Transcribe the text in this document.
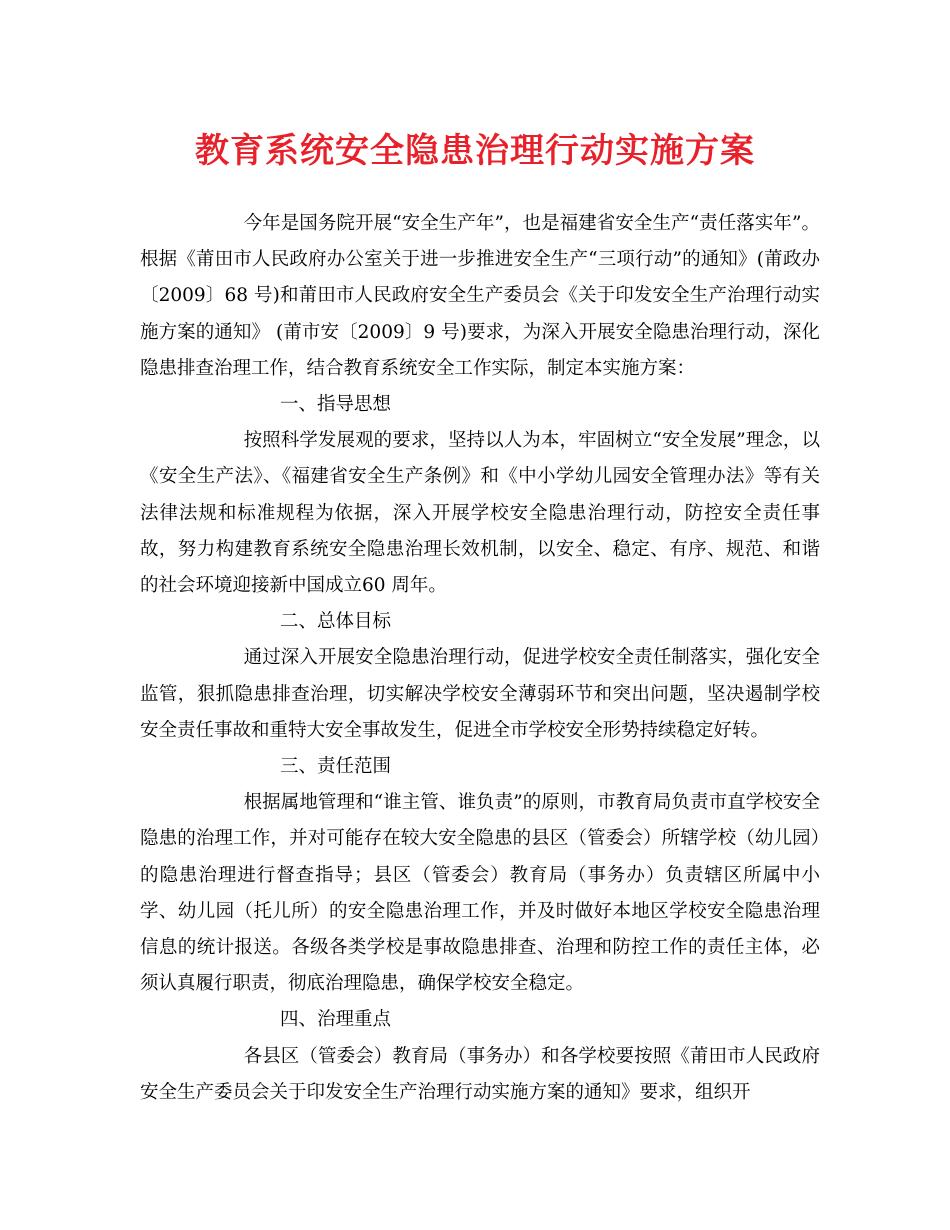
教育系统安全隐患治理行动实施方案

今年是国务院开展“安全生产年”，也是福建省安全生产“责任落实年”。根据《莆田市人民政府办公室关于进一步推进安全生产“三项行动”的通知》(莆政办〔2009〕68 号)和莆田市人民政府安全生产委员会《关于印发安全生产治理行动实施方案的通知》 (莆市安〔2009〕9 号)要求，为深入开展安全隐患治理行动，深化隐患排查治理工作，结合教育系统安全工作实际，制定本实施方案：

一、指导思想

按照科学发展观的要求，坚持以人为本，牢固树立“安全发展”理念，以《安全生产法》、《福建省安全生产条例》和《中小学幼儿园安全管理办法》等有关法律法规和标准规程为依据，深入开展学校安全隐患治理行动，防控安全责任事故，努力构建教育系统安全隐患治理长效机制，以安全、稳定、有序、规范、和谐的社会环境迎接新中国成立60 周年。

二、总体目标

通过深入开展安全隐患治理行动，促进学校安全责任制落实，强化安全监管，狠抓隐患排查治理，切实解决学校安全薄弱环节和突出问题，坚决遏制学校安全责任事故和重特大安全事故发生，促进全市学校安全形势持续稳定好转。

三、责任范围

根据属地管理和“谁主管、谁负责”的原则，市教育局负责市直学校安全隐患的治理工作，并对可能存在较大安全隐患的县区（管委会）所辖学校（幼儿园）的隐患治理进行督查指导；县区（管委会）教育局（事务办）负责辖区所属中小学、幼儿园（托儿所）的安全隐患治理工作，并及时做好本地区学校安全隐患治理信息的统计报送。各级各类学校是事故隐患排查、治理和防控工作的责任主体，必须认真履行职责，彻底治理隐患，确保学校安全稳定。

四、治理重点

各县区（管委会）教育局（事务办）和各学校要按照《莆田市人民政府安全生产委员会关于印发安全生产治理行动实施方案的通知》要求，组织开
